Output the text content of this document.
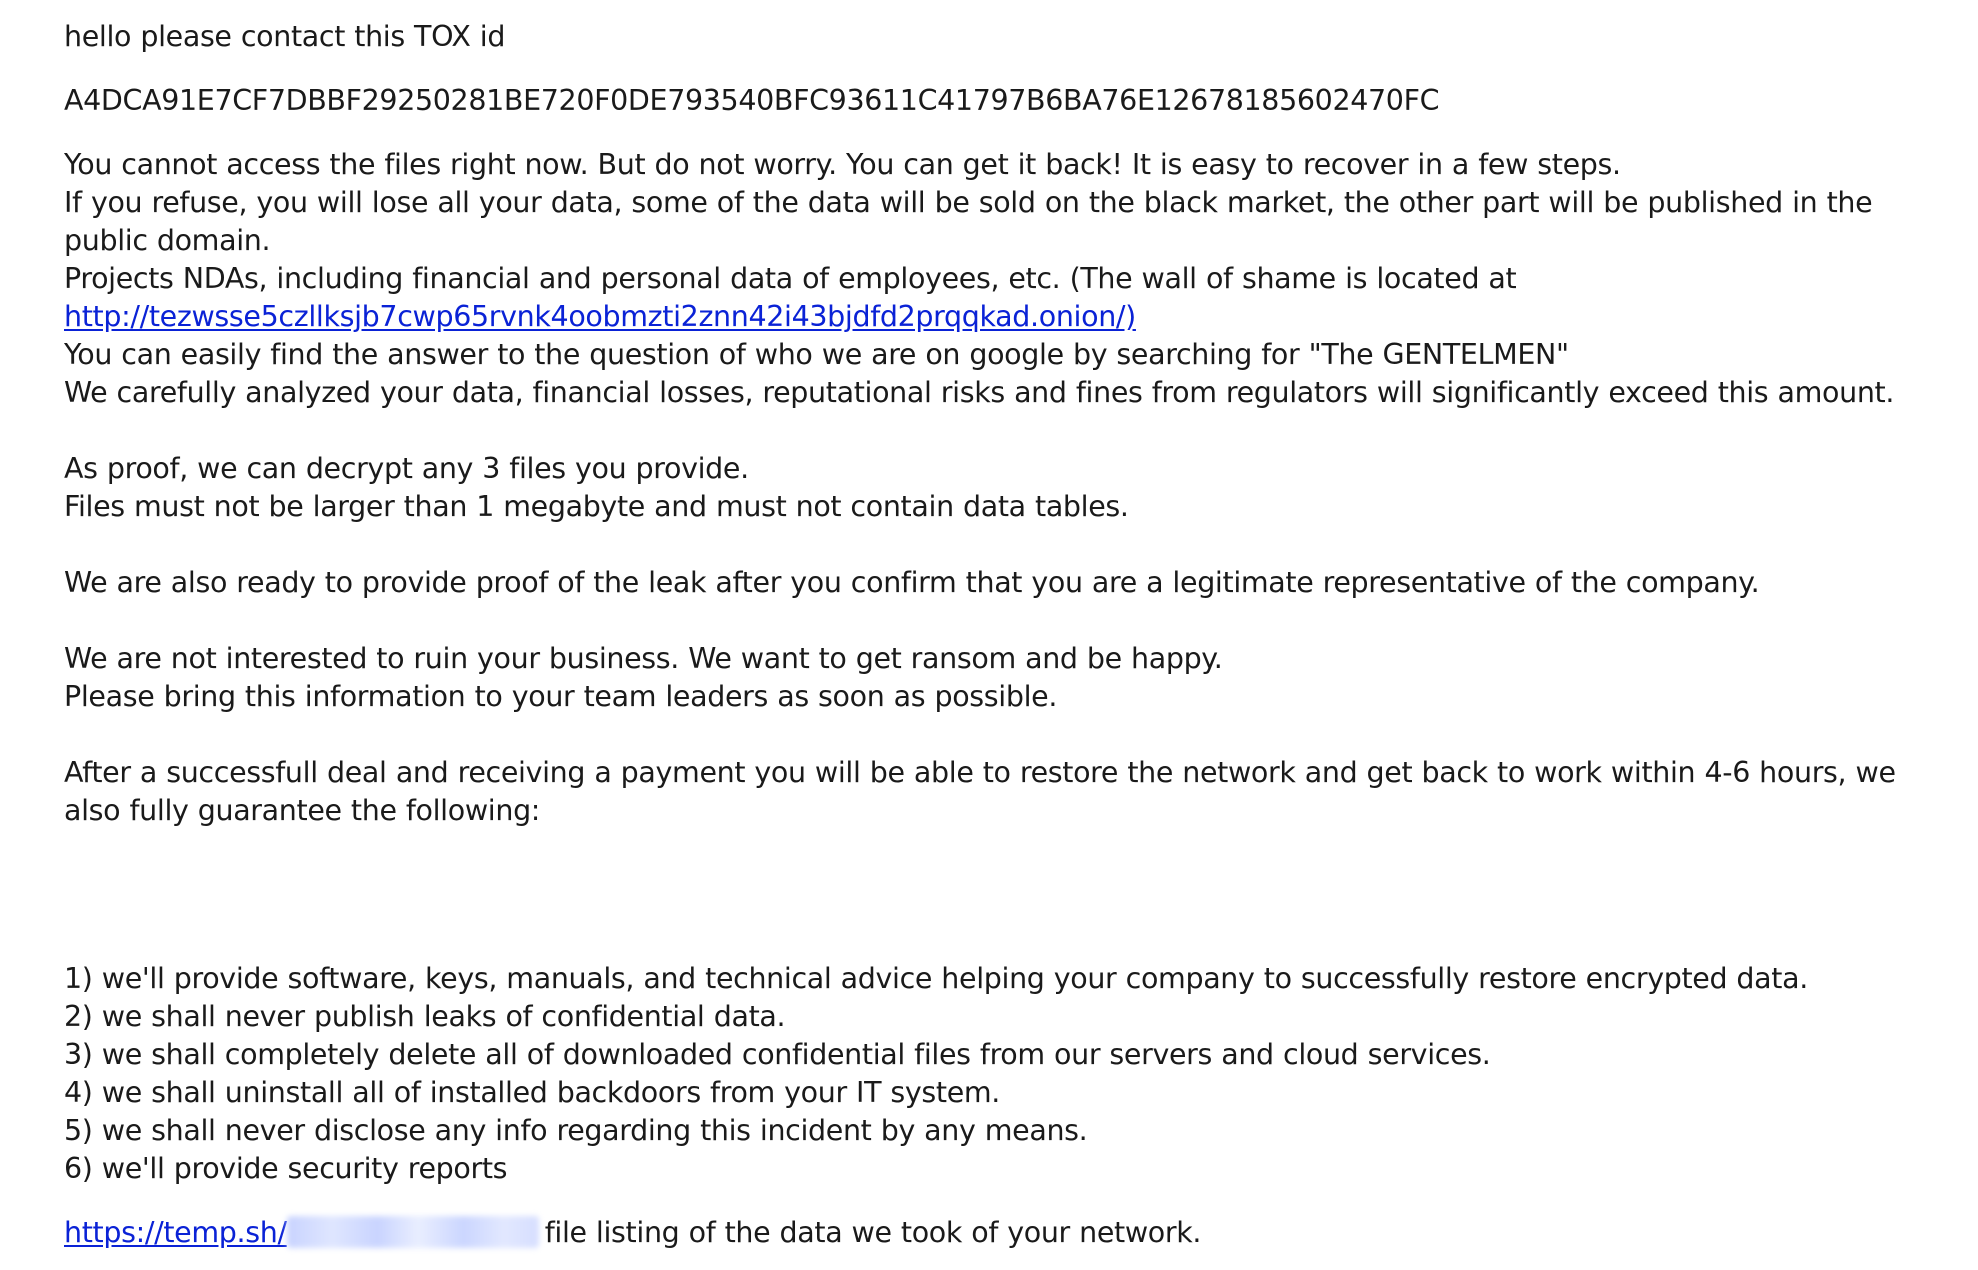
hello please contact this TOX id
A4DCA91E7CF7DBBF29250281BE720F0DE793540BFC93611C41797B6BA76E12678185602470FC
You cannot access the files right now. But do not worry. You can get it back! It is easy to recover in a few steps.
If you refuse, you will lose all your data, some of the data will be sold on the black market, the other part will be published in the public domain.
Projects NDAs, including financial and personal data of employees, etc. (The wall of shame is located at http://tezwsse5czllksjb7cwp65rvnk4oobmzti2znn42i43bjdfd2prqqkad.onion/)
You can easily find the answer to the question of who we are on google by searching for "The GENTELMEN"
We carefully analyzed your data, financial losses, reputational risks and fines from regulators will significantly exceed this amount.
As proof, we can decrypt any 3 files you provide.
Files must not be larger than 1 megabyte and must not contain data tables.
We are also ready to provide proof of the leak after you confirm that you are a legitimate representative of the company.
We are not interested to ruin your business. We want to get ransom and be happy.
Please bring this information to your team leaders as soon as possible.
After a successfull deal and receiving a payment you will be able to restore the network and get back to work within 4-6 hours, we also fully guarantee the following:
1) we'll provide software, keys, manuals, and technical advice helping your company to successfully restore encrypted data.
2) we shall never publish leaks of confidential data.
3) we shall completely delete all of downloaded confidential files from our servers and cloud services.
4) we shall uninstall all of installed backdoors from your IT system.
5) we shall never disclose any info regarding this incident by any means.
6) we'll provide security reports
https://temp.sh/	file listing of the data we took of your network.
